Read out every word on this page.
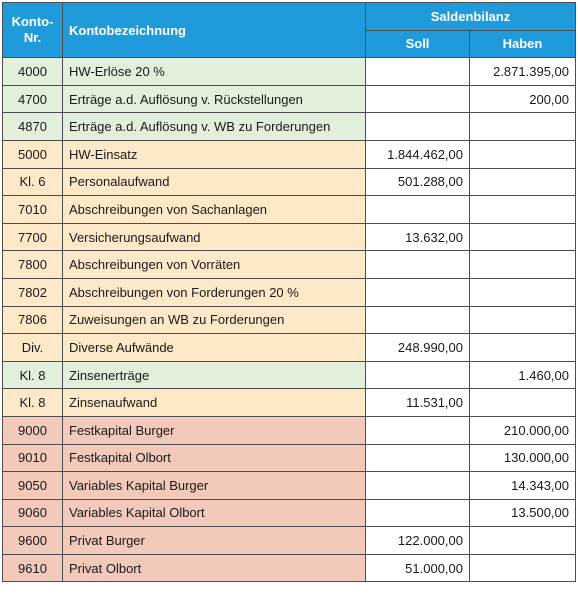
Konto-
Nr.	Kontobezeichnung	Saldenbilanz	
		Soll	Haben
4000	HW-Erlöse 20 %		2.871.395,00
4700	Erträge a.d. Auflösung v. Rückstellungen		200,00
4870	Erträge a.d. Auflösung v. WB zu Forderungen		
5000	HW-Einsatz	1.844.462,00	
Kl. 6	Personalaufwand	501.288,00	
7010	Abschreibungen von Sachanlagen		
7700	Versicherungsaufwand	13.632,00	
7800	Abschreibungen von Vorräten		
7802	Abschreibungen von Forderungen 20 %		
7806	Zuweisungen an WB zu Forderungen		
Div.	Diverse Aufwände	248.990,00	
Kl. 8	Zinsenerträge		1.460,00
Kl. 8	Zinsenaufwand	11.531,00	
9000	Festkapital Burger		210.000,00
9010	Festkapital Olbort		130.000,00
9050	Variables Kapital Burger		14.343,00
9060	Variables Kapital Olbort		13.500,00
9600	Privat Burger	122.000,00	
9610	Privat Olbort	51.000,00	
